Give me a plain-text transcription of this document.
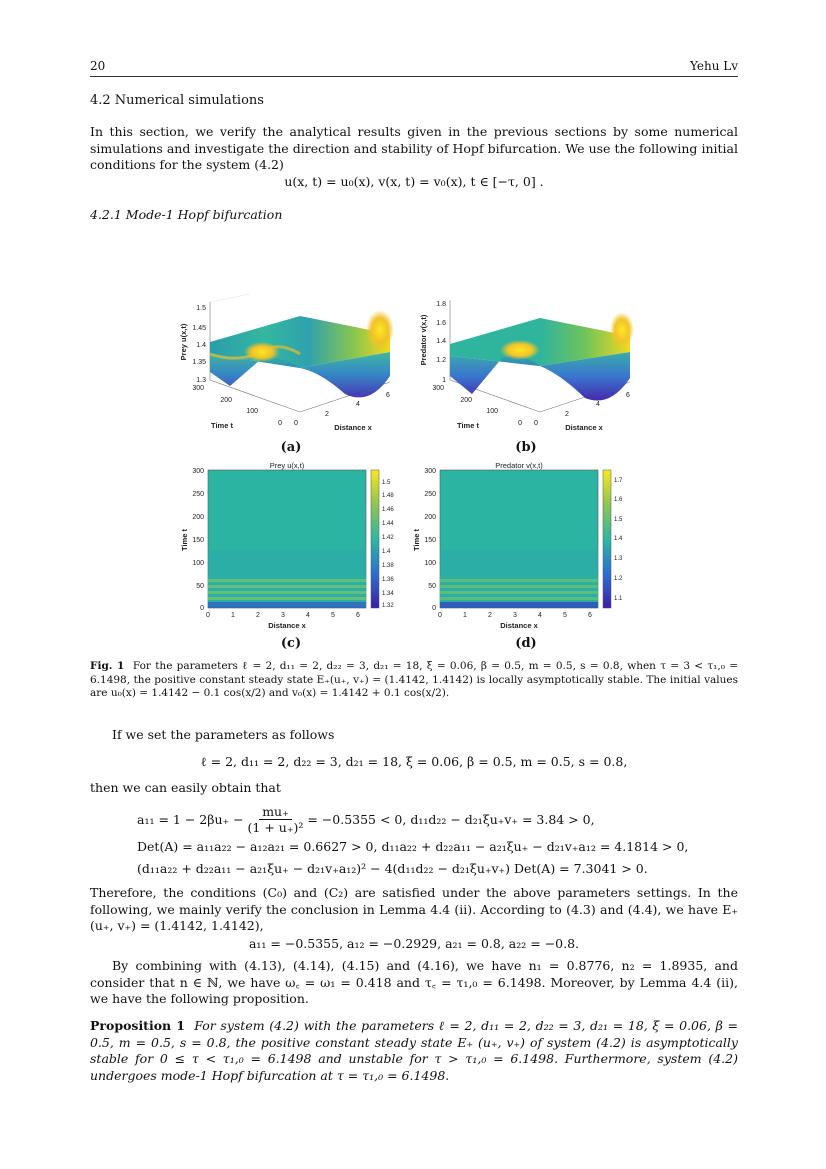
20	Yehu Lv
4.2 Numerical simulations
In this section, we verify the analytical results given in the previous sections by some numerical simulations and investigate the direction and stability of Hopf bifurcation. We use the following initial conditions for the system (4.2)
u(x, t) = u₀(x), v(x, t) = v₀(x), t ∈ [−τ, 0] .
4.2.1 Mode-1 Hopf bifurcation
1.5
1.45
1.4
1.35
1.3
300
200
100
0 0
2
4
6
Time t	Distance x
Prey u(x,t)
(a)
1.8
1.6
1.4
1.2
1
300
200
100
0 0
2
4
6
Time t	Distance x
Predator v(x,t)
(b)
300
250
200
150
100
50
0
0	1	2	3	4	5	6
1.5
1.48
1.46
1.44
1.42
1.4
1.38
1.36
1.34
1.32
Prey u(x,t)
Distance x
Time t
(c)
300
250
200
150
100
50
0
0	1	2	3	4	5	6
1.7
1.6
1.5
1.4
1.3
1.2
1.1
Predator v(x,t)
Distance x
Time t
(d)
Fig. 1 For the parameters ℓ = 2, d₁₁ = 2, d₂₂ = 3, d₂₁ = 18, ξ = 0.06, β = 0.5, m = 0.5, s = 0.8, when τ = 3 < τ₁,₀ = 6.1498, the positive constant steady state E₊(u₊, v₊) = (1.4142, 1.4142) is locally asymptotically stable. The initial values are u₀(x) = 1.4142 − 0.1 cos(x/2) and v₀(x) = 1.4142 + 0.1 cos(x/2).
If we set the parameters as follows
ℓ = 2, d₁₁ = 2, d₂₂ = 3, d₂₁ = 18, ξ = 0.06, β = 0.5, m = 0.5, s = 0.8,
then we can easily obtain that
$a_{11} = 1 - 2\beta u_+ - \frac{mu_+}{\text{(1 + u₊)²}} = -0.5355 < 0$, d₁₁d₂₂ − d₂₁ξu₊v₊ = 3.84 > 0,
Det(A) = a₁₁a₂₂ − a₁₂a₂₁ = 0.6627 > 0, d₁₁a₂₂ + d₂₂a₁₁ − a₂₁ξu₊ − d₂₁v₊a₁₂ = 4.1814 > 0,
(d₁₁a₂₂ + d₂₂a₁₁ − a₂₁ξu₊ − d₂₁v₊a₁₂)² − 4(d₁₁d₂₂ − d₂₁ξu₊v₊) Det(A) = 7.3041 > 0.
Therefore, the conditions (C₀) and (C₂) are satisfied under the above parameters settings. In the following, we mainly verify the conclusion in Lemma 4.4 (ii). According to (4.3) and (4.4), we have E₊ (u₊, v₊) = (1.4142, 1.4142),
a₁₁ = −0.5355, a₁₂ = −0.2929, a₂₁ = 0.8, a₂₂ = −0.8.
By combining with (4.13), (4.14), (4.15) and (4.16), we have n₁ = 0.8776, n₂ = 1.8935, and consider that n ∈ ℕ, we have ω꜀ = ω₁ = 0.418 and τ꜀ = τ₁,₀ = 6.1498. Moreover, by Lemma 4.4 (ii), we have the following proposition.
Proposition 1 For system (4.2) with the parameters ℓ = 2, d₁₁ = 2, d₂₂ = 3, d₂₁ = 18, ξ = 0.06, β = 0.5, m = 0.5, s = 0.8, the positive constant steady state E₊ (u₊, v₊) of system (4.2) is asymptotically stable for 0 ≤ τ < τ₁,₀ = 6.1498 and unstable for τ > τ₁,₀ = 6.1498. Furthermore, system (4.2) undergoes mode-1 Hopf bifurcation at τ = τ₁,₀ = 6.1498.
